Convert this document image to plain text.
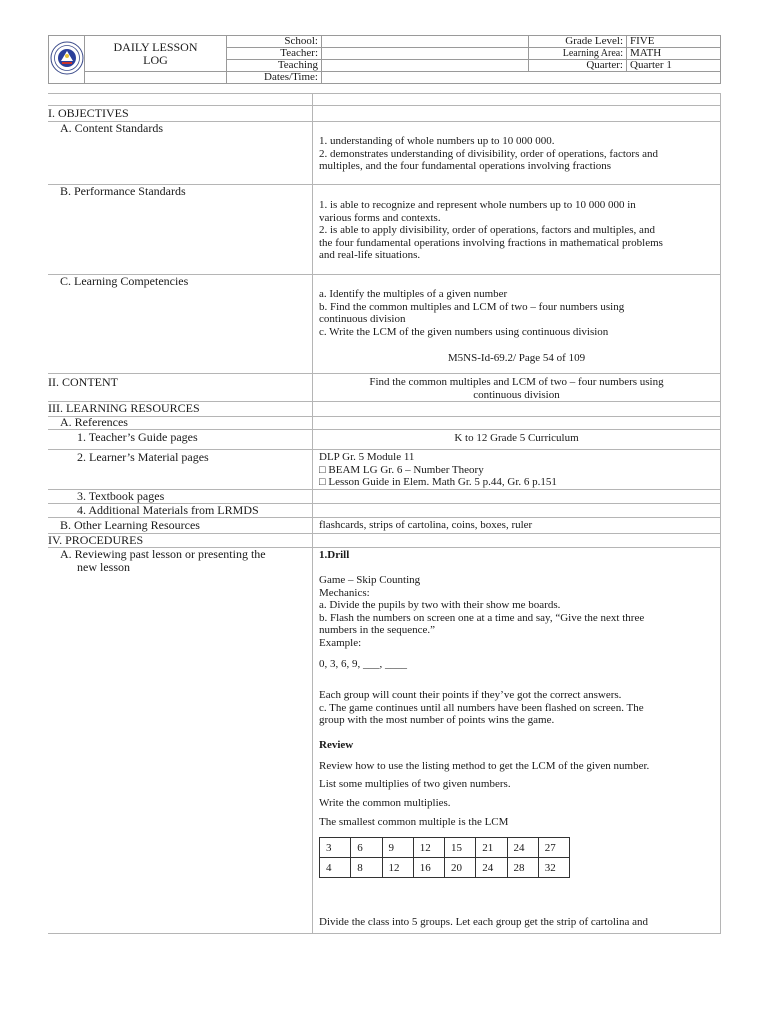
DAILY LESSON
LOG	School:		Grade Level:	FIVE
		Teacher:		Learning Area:	MATH
		Teaching		Quarter:	Quarter 1
		Dates/Time:			
I. OBJECTIVES
A. Content Standards
1. understanding of whole numbers up to 10 000 000.
2. demonstrates understanding of divisibility, order of operations, factors and
multiples, and the four fundamental operations involving fractions
B. Performance Standards
1. is able to recognize and represent whole numbers up to 10 000 000 in
various forms and contexts.
2. is able to apply divisibility, order of operations, factors and multiples, and
the four fundamental operations involving fractions in mathematical problems
and real-life situations.
C. Learning Competencies
a. Identify the multiples of a given number
b. Find the common multiples and LCM of two – four numbers using
continuous division
c. Write the LCM of the given numbers using continuous division
M5NS-Id-69.2/ Page 54 of 109
II. CONTENT	Find the common multiples and LCM of two – four numbers using
continuous division
III. LEARNING RESOURCES
A. References
1. Teacher’s Guide pages	K to 12 Grade 5 Curriculum
2. Learner’s Material pages	DLP Gr. 5 Module 11
□ BEAM LG Gr. 6 – Number Theory
□ Lesson Guide in Elem. Math Gr. 5 p.44, Gr. 6 p.151
3. Textbook pages
4. Additional Materials from LRMDS
B. Other Learning Resources	flashcards, strips of cartolina, coins, boxes, ruler
IV. PROCEDURES
A. Reviewing past lesson or presenting the
new lesson
1.Drill
Game – Skip Counting
Mechanics:
a. Divide the pupils by two with their show me boards.
b. Flash the numbers on screen one at a time and say, “Give the next three
numbers in the sequence.”
Example:
0, 3, 6, 9, ___, ____
Each group will count their points if they’ve got the correct answers.
c. The game continues until all numbers have been flashed on screen. The
group with the most number of points wins the game.
Review
Review how to use the listing method to get the LCM of the given number.
List some multiplies of two given numbers.
Write the common multiplies.
The smallest common multiple is the LCM
Divide the class into 5 groups. Let each group get the strip of cartolina and
3	6	9	12	15	21	24	27
4	8	12	16	20	24	28	32
